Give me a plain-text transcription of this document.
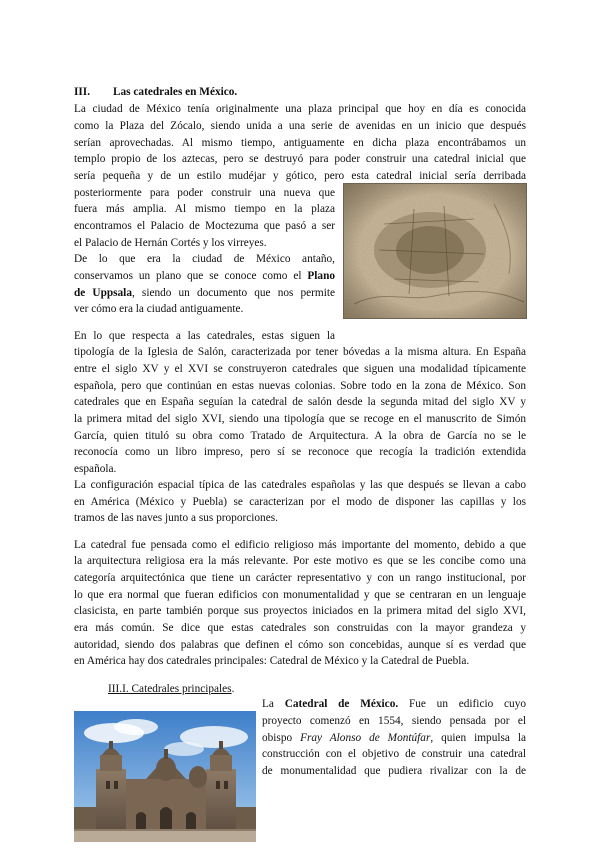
III. Las catedrales en México.
La ciudad de México tenía originalmente una plaza principal que hoy en día es conocida
como la Plaza del Zócalo, siendo unida a una serie de avenidas en un inicio que después
serían aprovechadas. Al mismo tiempo, antiguamente en dicha plaza encontrábamos un
templo propio de los aztecas, pero se destruyó para poder construir una catedral inicial que
sería pequeña y de un estilo mudéjar y gótico, pero esta catedral inicial sería derribada
posteriormente para poder construir una nueva que
fuera más amplia. Al mismo tiempo en la plaza
encontramos el Palacio de Moctezuma que pasó a ser
el Palacio de Hernán Cortés y los virreyes.
De lo que era la ciudad de México antaño,
conservamos un plano que se conoce como el Plano
de Uppsala, siendo un documento que nos permite
ver cómo era la ciudad antiguamente.
En lo que respecta a las catedrales, estas siguen la
tipología de la Iglesia de Salón, caracterizada por tener bóvedas a la misma altura. En España
entre el siglo XV y el XVI se construyeron catedrales que siguen una modalidad típicamente
española, pero que continúan en estas nuevas colonias. Sobre todo en la zona de México. Son
catedrales que en España seguían la catedral de salón desde la segunda mitad del siglo XV y
la primera mitad del siglo XVI, siendo una tipología que se recoge en el manuscrito de Simón
García, quien tituló su obra como Tratado de Arquitectura. A la obra de García no se le
reconocía como un libro impreso, pero sí se reconoce que recogía la tradición extendida
española.
La configuración espacial típica de las catedrales españolas y las que después se llevan a cabo
en América (México y Puebla) se caracterizan por el modo de disponer las capillas y los
tramos de las naves junto a sus proporciones.
La catedral fue pensada como el edificio religioso más importante del momento, debido a que
la arquitectura religiosa era la más relevante. Por este motivo es que se les concibe como una
categoría arquitectónica que tiene un carácter representativo y con un rango institucional, por
lo que era normal que fueran edificios con monumentalidad y que se centraran en un lenguaje
clasicista, en parte también porque sus proyectos iniciados en la primera mitad del siglo XVI,
era más común. Se dice que estas catedrales son construidas con la mayor grandeza y
autoridad, siendo dos palabras que definen el cómo son concebidas, aunque sí es verdad que
en América hay dos catedrales principales: Catedral de México y la Catedral de Puebla.
III.I. Catedrales principales.
La Catedral de México. Fue un edificio cuyo
proyecto comenzó en 1554, siendo pensada por el
obispo Fray Alonso de Montúfar, quien impulsa la
construcción con el objetivo de construir una catedral
de monumentalidad que pudiera rivalizar con la de
